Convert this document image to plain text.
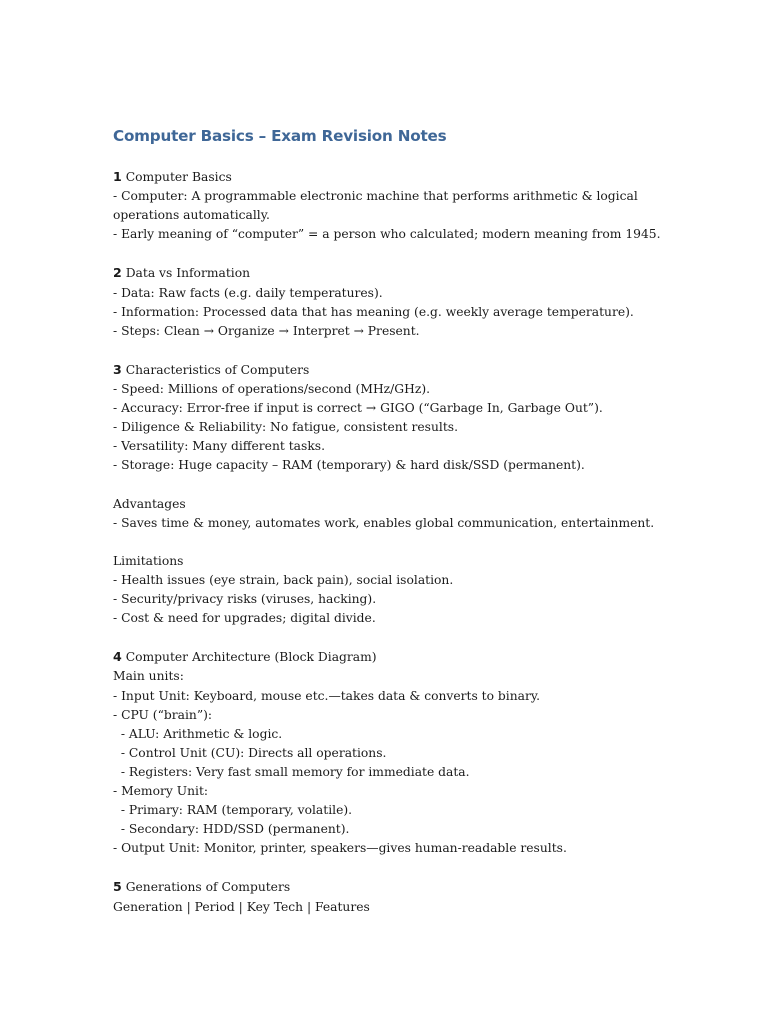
Computer Basics – Exam Revision Notes
1 Computer Basics
- Computer: A programmable electronic machine that performs arithmetic & logical
operations automatically.
- Early meaning of “computer” = a person who calculated; modern meaning from 1945.
2 Data vs Information
- Data: Raw facts (e.g. daily temperatures).
- Information: Processed data that has meaning (e.g. weekly average temperature).
- Steps: Clean → Organize → Interpret → Present.
3 Characteristics of Computers
- Speed: Millions of operations/second (MHz/GHz).
- Accuracy: Error-free if input is correct → GIGO (“Garbage In, Garbage Out”).
- Diligence & Reliability: No fatigue, consistent results.
- Versatility: Many different tasks.
- Storage: Huge capacity – RAM (temporary) & hard disk/SSD (permanent).
Advantages
- Saves time & money, automates work, enables global communication, entertainment.
Limitations
- Health issues (eye strain, back pain), social isolation.
- Security/privacy risks (viruses, hacking).
- Cost & need for upgrades; digital divide.
4 Computer Architecture (Block Diagram)
Main units:
- Input Unit: Keyboard, mouse etc.—takes data & converts to binary.
- CPU (“brain”):
- ALU: Arithmetic & logic.
- Control Unit (CU): Directs all operations.
- Registers: Very fast small memory for immediate data.
- Memory Unit:
- Primary: RAM (temporary, volatile).
- Secondary: HDD/SSD (permanent).
- Output Unit: Monitor, printer, speakers—gives human-readable results.
5 Generations of Computers
Generation | Period | Key Tech | Features
